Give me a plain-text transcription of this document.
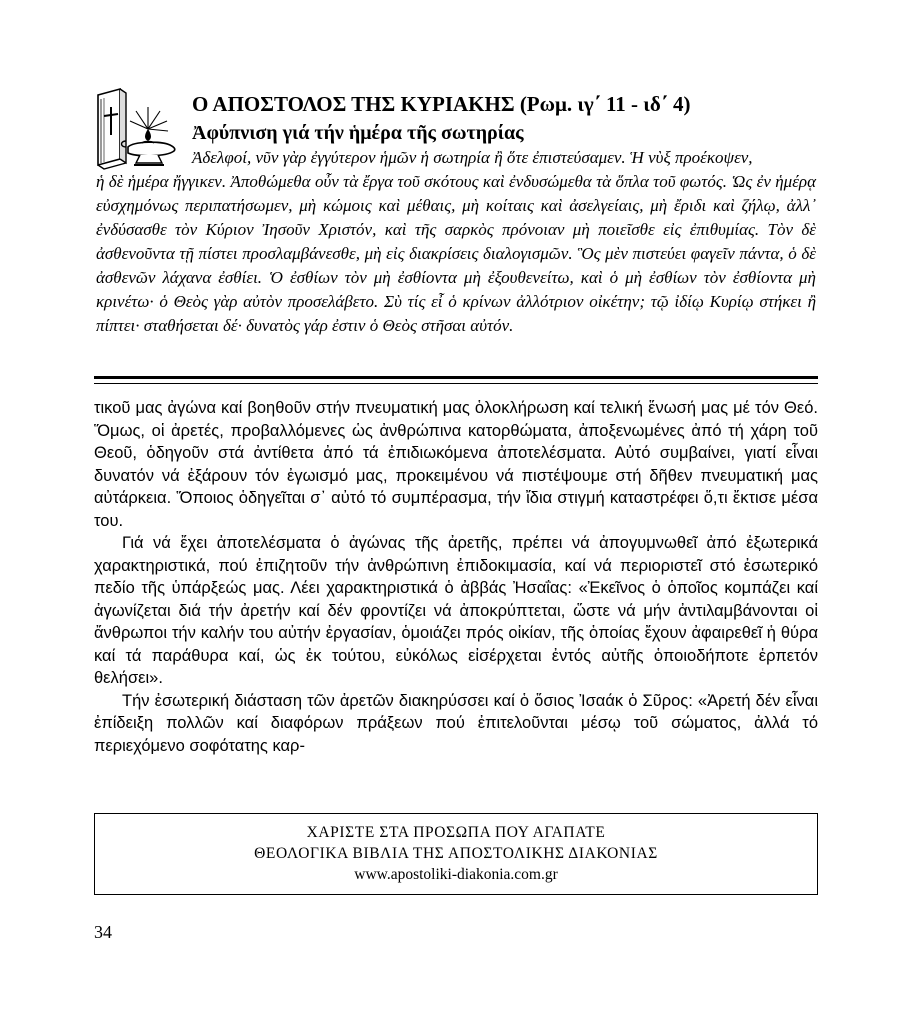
Ο ΑΠΟΣΤΟΛΟΣ ΤΗΣ ΚΥΡΙΑΚΗΣ (Ρωμ. ιγ΄ 11 - ιδ΄ 4)
Ἀφύπνιση γιά τήν ἡμέρα τῆς σωτηρίας
Ἀδελφοί, νῦν γὰρ ἐγγύτερον ἡμῶν ἡ σωτηρία ἢ ὅτε ἐπιστεύσαμεν. Ἡ νὺξ προέκοψεν,
ἡ δὲ ἡμέρα ἤγγικεν. Ἀποθώμεθα οὖν τὰ ἔργα τοῦ σκότους καὶ ἐνδυσώμεθα τὰ ὅπλα τοῦ φωτός. Ὡς ἐν ἡμέρᾳ εὐσχημόνως περιπατήσωμεν, μὴ κώμοις καὶ μέθαις, μὴ κοίταις καὶ ἀσελγείαις, μὴ ἔριδι καὶ ζήλῳ, ἀλλ᾽ ἐνδύσασθε τὸν Κύριον Ἰησοῦν Χριστόν, καὶ τῆς σαρκὸς πρόνοιαν μὴ ποιεῖσθε εἰς ἐπιθυμίας. Τὸν δὲ ἀσθενοῦντα τῇ πίστει προσλαμβάνεσθε, μὴ εἰς διακρίσεις διαλογισμῶν. Ὃς μὲν πιστεύει φαγεῖν πάντα, ὁ δὲ ἀσθενῶν λάχανα ἐσθίει. Ὁ ἐσθίων τὸν μὴ ἐσθίοντα μὴ ἐξουθενείτω, καὶ ὁ μὴ ἐσθίων τὸν ἐσθίοντα μὴ κρινέτω· ὁ Θεὸς γὰρ αὐτὸν προσελάβετο. Σὺ τίς εἶ ὁ κρίνων ἀλλότριον οἰκέτην; τῷ ἰδίῳ Κυρίῳ στήκει ἢ πίπτει· σταθήσεται δέ· δυνατὸς γάρ ἐστιν ὁ Θεὸς στῆσαι αὐτόν.

τικοῦ μας ἀγώνα καί βοηθοῦν στήν πνευματική μας ὁλοκλήρωση καί τελική ἕνωσή μας μέ τόν Θεό. Ὅμως, οἱ ἀρετές, προβαλλόμενες ὡς ἀνθρώπινα κατορθώματα, ἀποξενωμένες ἀπό τή χάρη τοῦ Θεοῦ, ὁδηγοῦν στά ἀντίθετα ἀπό τά ἐπιδιωκόμενα ἀποτελέσματα. Αὐτό συμβαίνει, γιατί εἶναι δυνατόν νά ἐξάρουν τόν ἐγωισμό μας, προκειμένου νά πιστέψουμε στή δῆθεν πνευματική μας αὐτάρκεια. Ὅποιος ὁδηγεῖται σ᾽ αὐτό τό συμπέρασμα, τήν ἴδια στιγμή καταστρέφει ὅ,τι ἔκτισε μέσα του.

Γιά νά ἔχει ἀποτελέσματα ὁ ἀγώνας τῆς ἀρετῆς, πρέπει νά ἀπογυμνωθεῖ ἀπό ἐξωτερικά χαρακτηριστικά, πού ἐπιζητοῦν τήν ἀνθρώπινη ἐπιδοκιμασία, καί νά περιοριστεῖ στό ἐσωτερικό πεδίο τῆς ὑπάρξεώς μας. Λέει χαρακτηριστικά ὁ ἀββάς Ἠσαΐας: «Ἐκεῖνος ὁ ὁποῖος κομπάζει καί ἀγωνίζεται διά τήν ἀρετήν καί δέν φροντίζει νά ἀποκρύπτεται, ὥστε νά μήν ἀντιλαμβάνονται οἱ ἄνθρωποι τήν καλήν του αὐτήν ἐργασίαν, ὁμοιάζει πρός οἰκίαν, τῆς ὁποίας ἔχουν ἀφαιρεθεῖ ἡ θύρα καί τά παράθυρα καί, ὡς ἐκ τούτου, εὐκόλως εἰσέρχεται ἐντός αὐτῆς ὁποιοδήποτε ἑρπετόν θελήσει».

Τήν ἐσωτερική διάσταση τῶν ἀρετῶν διακηρύσσει καί ὁ ὅσιος Ἰσαάκ ὁ Σῦρος: «Ἀρετή δέν εἶναι ἐπίδειξη πολλῶν καί διαφόρων πράξεων πού ἐπιτελοῦνται μέσῳ τοῦ σώματος, ἀλλά τό περιεχόμενο σοφότατης καρ-

ΧΑΡΙΣΤΕ ΣΤΑ ΠΡΟΣΩΠΑ ΠΟΥ ΑΓΑΠΑΤΕ
ΘΕΟΛΟΓΙΚΑ ΒΙΒΛΙΑ ΤΗΣ ΑΠΟΣΤΟΛΙΚΗΣ ΔΙΑΚΟΝΙΑΣ
www.apostoliki-diakonia.com.gr
34
